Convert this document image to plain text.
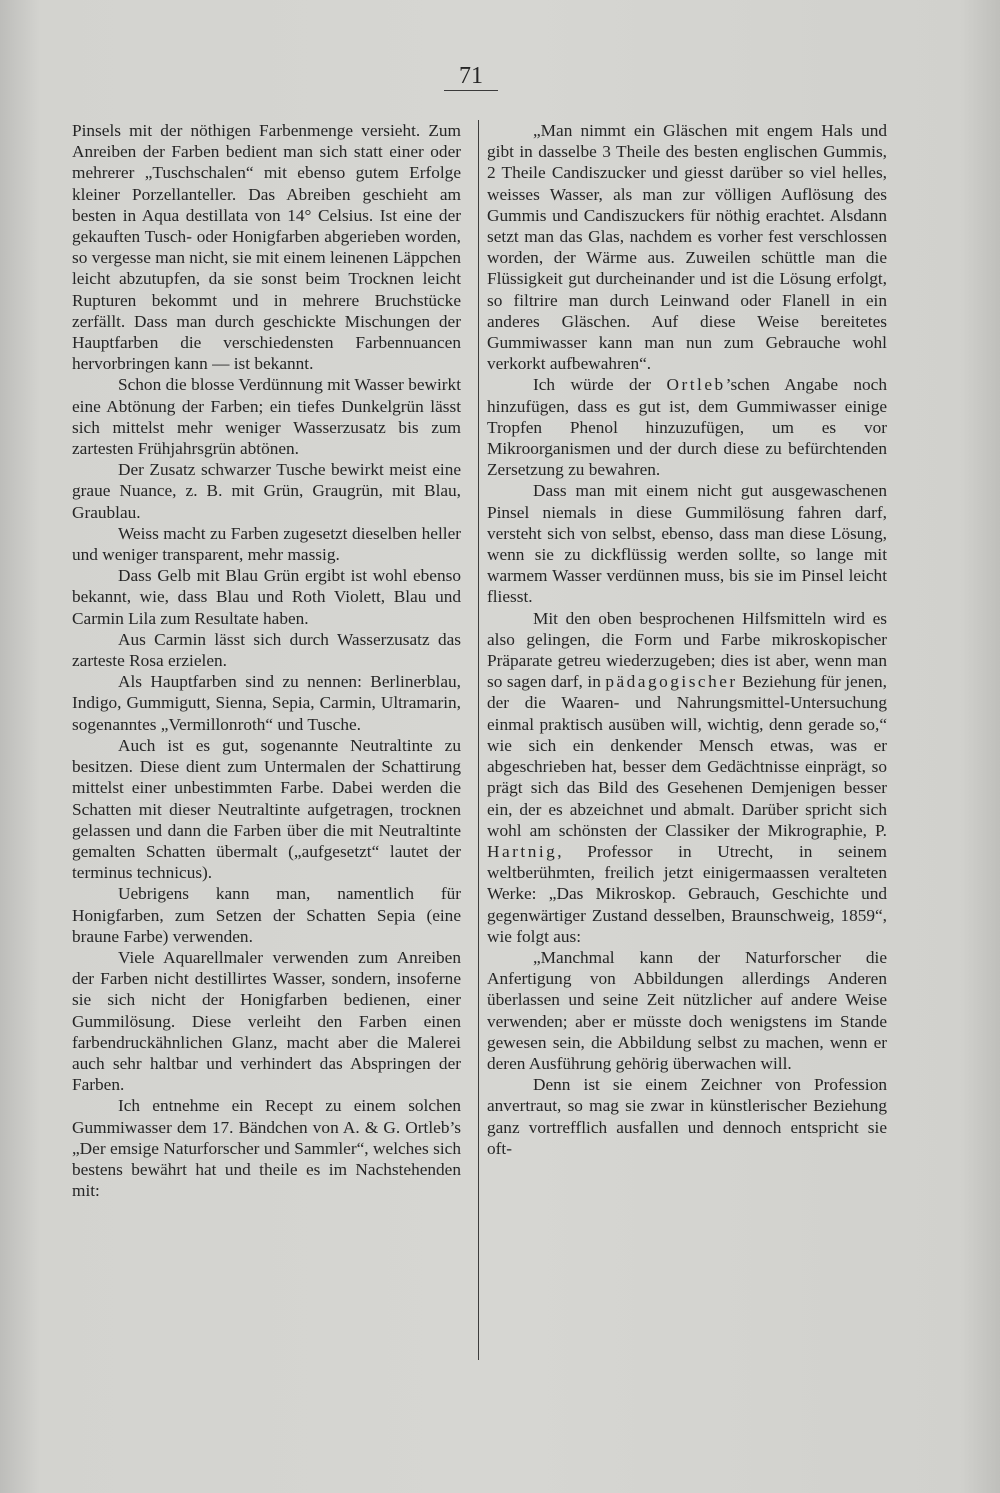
71

Pinsels mit der nöthigen Farbenmenge versieht. Zum Anreiben der Farben bedient man sich statt einer oder mehrerer „Tuschschalen“ mit ebenso gutem Erfolge kleiner Porzellanteller. Das Abreiben geschieht am besten in Aqua destillata von 14° Celsius. Ist eine der gekauften Tusch- oder Honigfarben abgerieben worden, so vergesse man nicht, sie mit einem leinenen Läppchen leicht abzutupfen, da sie sonst beim Trocknen leicht Rupturen bekommt und in mehrere Bruchstücke zerfällt. Dass man durch geschickte Mischungen der Hauptfarben die verschiedensten Farbennuancen hervorbringen kann — ist bekannt.

Schon die blosse Verdünnung mit Wasser bewirkt eine Abtönung der Farben; ein tiefes Dunkelgrün lässt sich mittelst mehr weniger Wasserzusatz bis zum zartesten Frühjahrsgrün abtönen.

Der Zusatz schwarzer Tusche bewirkt meist eine graue Nuance, z. B. mit Grün, Graugrün, mit Blau, Graublau.

Weiss macht zu Farben zugesetzt dieselben heller und weniger transparent, mehr massig.

Dass Gelb mit Blau Grün ergibt ist wohl ebenso bekannt, wie, dass Blau und Roth Violett, Blau und Carmin Lila zum Resultate haben.

Aus Carmin lässt sich durch Wasserzusatz das zarteste Rosa erzielen.

Als Hauptfarben sind zu nennen: Berlinerblau, Indigo, Gummigutt, Sienna, Sepia, Carmin, Ultramarin, sogenanntes „Vermillonroth“ und Tusche.

Auch ist es gut, sogenannte Neutraltinte zu besitzen. Diese dient zum Untermalen der Schattirung mittelst einer unbestimmten Farbe. Dabei werden die Schatten mit dieser Neutraltinte aufgetragen, trocknen gelassen und dann die Farben über die mit Neutraltinte gemalten Schatten übermalt („aufgesetzt“ lautet der terminus technicus).

Uebrigens kann man, namentlich für Honigfarben, zum Setzen der Schatten Sepia (eine braune Farbe) verwenden.

Viele Aquarellmaler verwenden zum Anreiben der Farben nicht destillirtes Wasser, sondern, insoferne sie sich nicht der Honigfarben bedienen, einer Gummilösung. Diese verleiht den Farben einen farbendruckähnlichen Glanz, macht aber die Malerei auch sehr haltbar und verhindert das Abspringen der Farben.

Ich entnehme ein Recept zu einem solchen Gummiwasser dem 17. Bändchen von A. & G. Ortleb’s „Der emsige Naturforscher und Sammler“, welches sich bestens bewährt hat und theile es im Nachstehenden mit:

„Man nimmt ein Gläschen mit engem Hals und gibt in dasselbe 3 Theile des besten englischen Gummis, 2 Theile Candiszucker und giesst darüber so viel helles, weisses Wasser, als man zur völligen Auflösung des Gummis und Candiszuckers für nöthig erachtet. Alsdann setzt man das Glas, nachdem es vorher fest verschlossen worden, der Wärme aus. Zuweilen schüttle man die Flüssigkeit gut durcheinander und ist die Lösung erfolgt, so filtrire man durch Leinwand oder Flanell in ein anderes Gläschen. Auf diese Weise bereitetes Gummiwasser kann man nun zum Gebrauche wohl verkorkt aufbewahren“.

Ich würde der Ortleb’schen Angabe noch hinzufügen, dass es gut ist, dem Gummiwasser einige Tropfen Phenol hinzuzufügen, um es vor Mikroorganismen und der durch diese zu befürchtenden Zersetzung zu bewahren.

Dass man mit einem nicht gut ausgewaschenen Pinsel niemals in diese Gummilösung fahren darf, versteht sich von selbst, ebenso, dass man diese Lösung, wenn sie zu dickflüssig werden sollte, so lange mit warmem Wasser verdünnen muss, bis sie im Pinsel leicht fliesst.

Mit den oben besprochenen Hilfsmitteln wird es also gelingen, die Form und Farbe mikroskopischer Präparate getreu wiederzugeben; dies ist aber, wenn man so sagen darf, in pädagogischer Beziehung für jenen, der die Waaren- und Nahrungsmittel-Untersuchung einmal praktisch ausüben will, wichtig, denn gerade so,“ wie sich ein denkender Mensch etwas, was er abgeschrieben hat, besser dem Gedächtnisse einprägt, so prägt sich das Bild des Gesehenen Demjenigen besser ein, der es abzeichnet und abmalt. Darüber spricht sich wohl am schönsten der Classiker der Mikrographie, P. Hartnig, Professor in Utrecht, in seinem weltberühmten, freilich jetzt einigermaassen veralteten Werke: „Das Mikroskop. Gebrauch, Geschichte und gegenwärtiger Zustand desselben, Braunschweig, 1859“, wie folgt aus:

„Manchmal kann der Naturforscher die Anfertigung von Abbildungen allerdings Anderen überlassen und seine Zeit nützlicher auf andere Weise verwenden; aber er müsste doch wenigstens im Stande gewesen sein, die Abbildung selbst zu machen, wenn er deren Ausführung gehörig überwachen will.

Denn ist sie einem Zeichner von Profession anvertraut, so mag sie zwar in künstlerischer Beziehung ganz vortrefflich ausfallen und dennoch entspricht sie oft-
